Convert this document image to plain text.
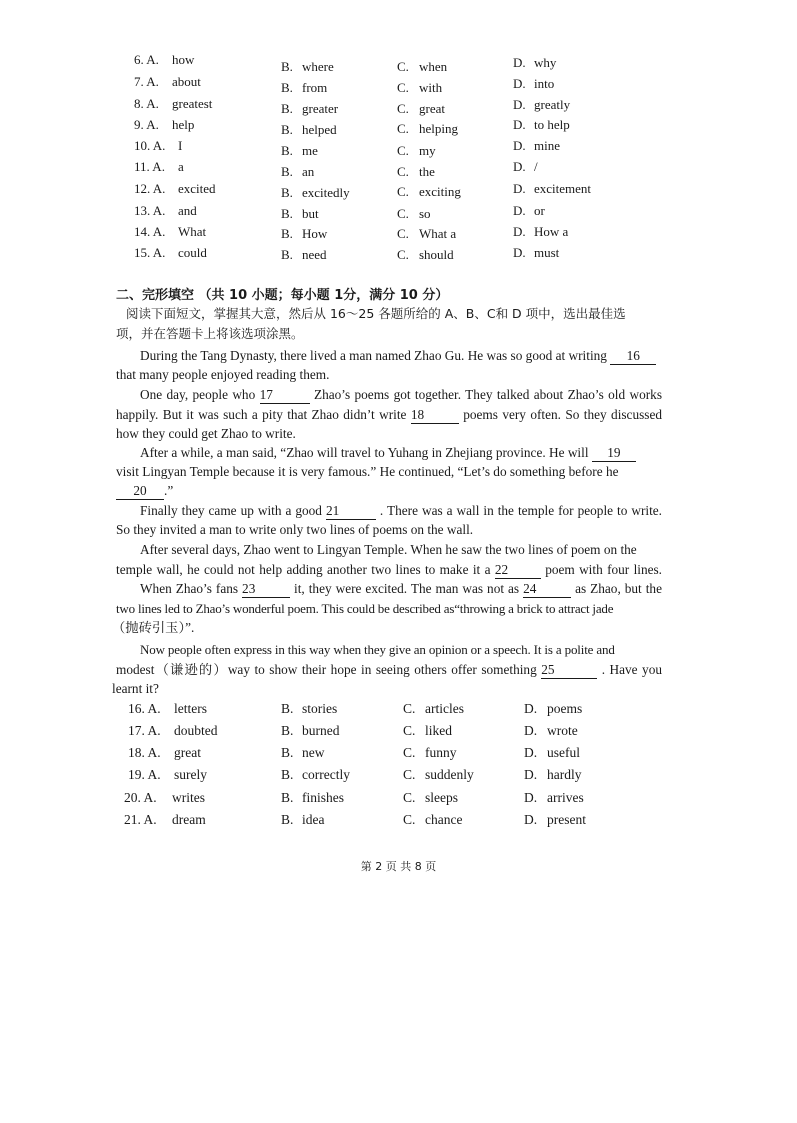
6. A. how	B. where	C. when	D. why
7. A. about	B. from	C. with	D. into
8. A. greatest	B. greater	C. great	D. greatly
9. A. help	B. helped	C. helping	D. to help
10. A. I	B. me	C. my	D. mine
11. A. a	B. an	C. the	D. /
12. A. excited	B. excitedly	C. exciting	D. excitement
13. A. and	B. but	C. so	D. or
14. A. What	B. How	C. What a	D. How a
15. A. could	B. need	C. should	D. must
二、完形填空 （共 10 小题；每小题 1分，满分 10 分）
阅读下面短文，掌握其大意，然后从 16～25 各题所给的 A、B、C和 D 项中，选出最佳选
项，并在答题卡上将该选项涂黑。
During the Tang Dynasty, there lived a man named Zhao Gu. He was so good at writing 16
that many people enjoyed reading them.
One day, people who 17	Zhao’s poems got together. They talked about Zhao’s old works
happily. But it was such a pity that Zhao didn’t write 18	poems very often. So they discussed
how they could get Zhao to write.
After a while, a man said, “Zhao will travel to Yuhang in Zhejiang province. He will 19
visit Lingyan Temple because it is very famous.” He continued, “Let’s do something before he
20 .”
Finally they came up with a good 21	. There was a wall in the temple for people to write.
So they invited a man to write only two lines of poems on the wall.
After several days, Zhao went to Lingyan Temple. When he saw the two lines of poem on the
temple wall, he could not help adding another two lines to make it a 22	poem with four lines.
When Zhao’s fans 23	it, they were excited. The man was not as 24	as Zhao, but the
two lines led to Zhao’s wonderful poem. This could be described as“throwing a brick to attract jade
（抛砖引玉）”.
Now people often express in this way when they give an opinion or a speech. It is a polite and
modest（谦逊的）way to show their hope in seeing others offer something 25	. Have you
learnt it?
16. A. letters	B. stories	C. articles	D. poems
17. A. doubted	B. burned	C. liked	D. wrote
18. A. great	B. new	C. funny	D. useful
19. A. surely	B. correctly	C. suddenly	D. hardly
20. A. writes	B. finishes	C. sleeps	D. arrives
21. A. dream	B. idea	C. chance	D. present
第 2 页 共 8 页
